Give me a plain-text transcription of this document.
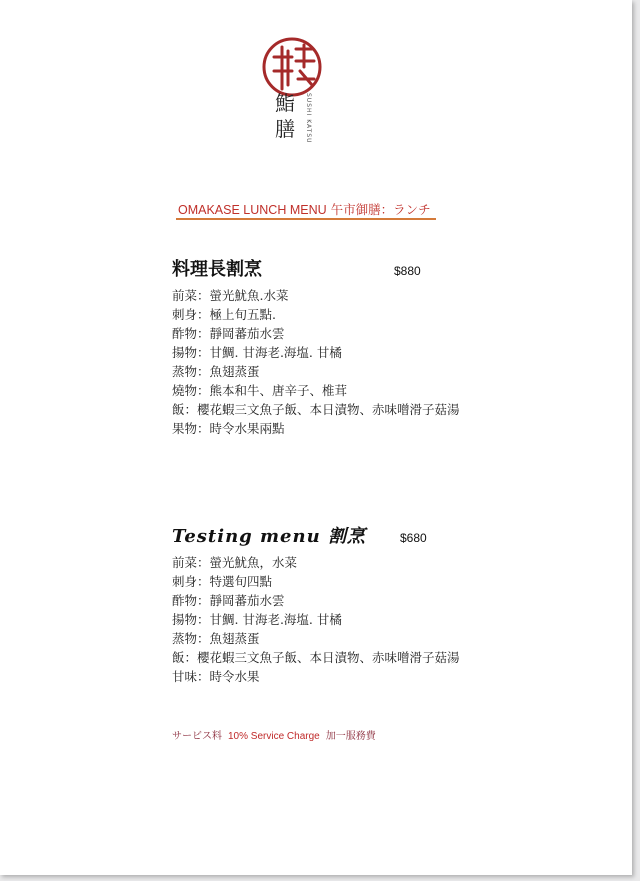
鮨膳	SUSHI KATSU
OMAKASE LUNCH MENU 午市御膳：ランチ
料理長割烹	$880
前菜：螢光魷魚.水菜
刺身：極上旬五點.
酢物：靜岡蕃茄水雲
揚物：甘鯛. 甘海老.海塩. 甘橘
蒸物：魚翅蒸蛋
燒物：熊本和牛、唐辛子、椎茸
飯：櫻花蝦三文魚子飯、本日漬物、赤味噌滑子菇湯
果物：時令水果兩點
Testing menu 割烹	$680
前菜：螢光魷魚，水菜
刺身：特選旬四點
酢物：靜岡蕃茄水雲
揚物：甘鯛. 甘海老.海塩. 甘橘
蒸物：魚翅蒸蛋
飯：櫻花蝦三文魚子飯、本日漬物、赤味噌滑子菇湯
甘味：時令水果
サービス料 10% Service Charge 加一服務費
